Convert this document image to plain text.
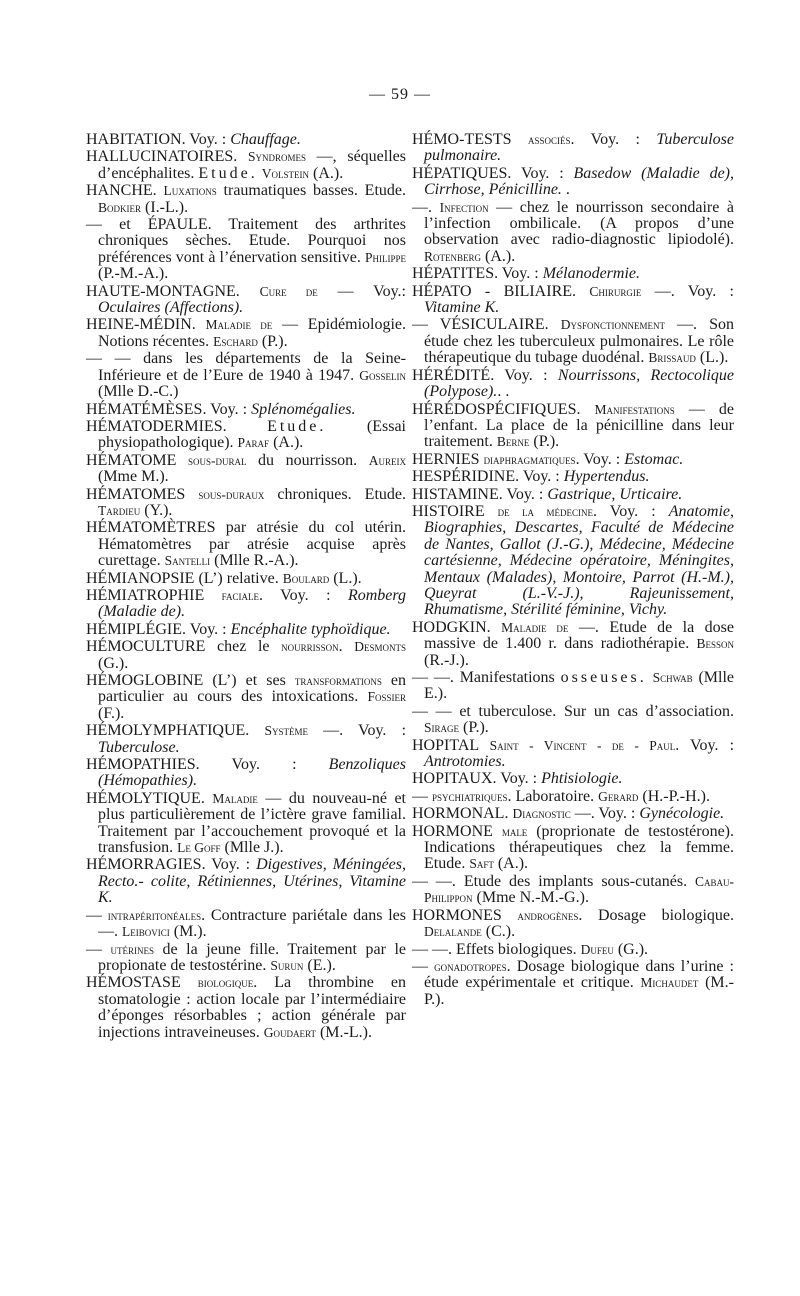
— 59 —

HABITATION. Voy. : Chauffage.

HALLUCINATOIRES. Syndromes —, séquelles d’encéphalites. Etude. Volstein (A.).

HANCHE. Luxations traumatiques basses. Etude. Bodkier (I.-L.).

— et ÉPAULE. Traitement des arthrites chroniques sèches. Etude. Pourquoi nos préférences vont à l’énervation sensitive. Philippe (P.-M.-A.).

HAUTE-MONTAGNE. Cure de — Voy.: Oculaires (Affections).

HEINE-MÉDIN. Maladie de — Epidémiologie. Notions récentes. Eschard (P.).

— — dans les départements de la Seine-Inférieure et de l’Eure de 1940 à 1947. Gosselin (Mlle D.-C.)

HÉMATÉMÈSES. Voy. : Splénomégalies.

HÉMATODERMIES. Etude. (Essai physiopathologique). Paraf (A.).

HÉMATOME sous-dural du nourrisson. Aureix (Mme M.).

HÉMATOMES sous-duraux chroniques. Etude. Tardieu (Y.).

HÉMATOMÈTRES par atrésie du col utérin. Hématomètres par atrésie acquise après curettage. Santelli (Mlle R.-A.).

HÉMIANOPSIE (L’) relative. Boulard (L.).

HÉMIATROPHIE faciale. Voy. : Romberg (Maladie de).

HÉMIPLÉGIE. Voy. : Encéphalite typhoïdique.

HÉMOCULTURE chez le nourrisson. Desmonts (G.).

HÉMOGLOBINE (L’) et ses transformations en particulier au cours des intoxications. Fossier (F.).

HÉMOLYMPHATIQUE. Système —. Voy. : Tuberculose.

HÉMOPATHIES. Voy. : Benzoliques (Hémopathies).

HÉMOLYTIQUE. Maladie — du nouveau-né et plus particulièrement de l’ictère grave familial. Traitement par l’accouchement provoqué et la transfusion. Le Goff (Mlle J.).

HÉMORRAGIES. Voy. : Digestives, Méningées, Recto.- colite, Rétiniennes, Utérines, Vitamine K.

— intrapéritonéales. Contracture pariétale dans les —. Leibovici (M.).

— utérines de la jeune fille. Traitement par le propionate de testostérine. Surun (E.).

HÉMOSTASE biologique. La thrombine en stomatologie : action locale par l’intermédiaire d’éponges résorbables ; action générale par injections intraveineuses. Goudaert (M.-L.).

HÉMO-TESTS associés. Voy. : Tuberculose pulmonaire.

HÉPATIQUES. Voy. : Basedow (Maladie de), Cirrhose, Pénicilline. .

—. Infection — chez le nourrisson secondaire à l’infection ombilicale. (A propos d’une observation avec radio-diagnostic lipiodolé). Rotenberg (A.).

HÉPATITES. Voy. : Mélanodermie.

HÉPATO - BILIAIRE. Chirurgie —. Voy. : Vitamine K.

— VÉSICULAIRE. Dysfonctionnement —. Son étude chez les tuberculeux pulmonaires. Le rôle thérapeutique du tubage duodénal. Brissaud (L.).

HÉRÉDITÉ. Voy. : Nourrissons, Rectocolique (Polypose).. .

HÉRÉDOSPÉCIFIQUES. Manifestations — de l’enfant. La place de la pénicilline dans leur traitement. Berne (P.).

HERNIES diaphragmatiques. Voy. : Estomac.

HESPÉRIDINE. Voy. : Hypertendus.

HISTAMINE. Voy. : Gastrique, Urticaire.

HISTOIRE de la médecine. Voy. : Anatomie, Biographies, Descartes, Faculté de Médecine de Nantes, Gallot (J.-G.), Médecine, Médecine cartésienne, Médecine opératoire, Méningites, Mentaux (Malades), Montoire, Parrot (H.-M.), Queyrat (L.-V.-J.), Rajeunissement, Rhumatisme, Stérilité féminine, Vichy.

HODGKIN. Maladie de —. Etude de la dose massive de 1.400 r. dans radiothérapie. Besson (R.-J.).

— —. Manifestations osseuses. Schwab (Mlle E.).

— — et tuberculose. Sur un cas d’association. Sirage (P.).

HOPITAL Saint - Vincent - de - Paul. Voy. : Antrotomies.

HOPITAUX. Voy. : Phtisiologie.

— psychiatriques. Laboratoire. Gerard (H.-P.-H.).

HORMONAL. Diagnostic —. Voy. : Gynécologie.

HORMONE male (proprionate de testostérone). Indications thérapeutiques chez la femme. Etude. Saft (A.).

— —. Etude des implants sous-cutanés. Cabau-Philippon (Mme N.-M.-G.).

HORMONES androgènes. Dosage biologique. Delalande (C.).

— —. Effets biologiques. Dufeu (G.).

— gonadotropes. Dosage biologique dans l’urine : étude expérimentale et critique. Michaudet (M.-P.).
